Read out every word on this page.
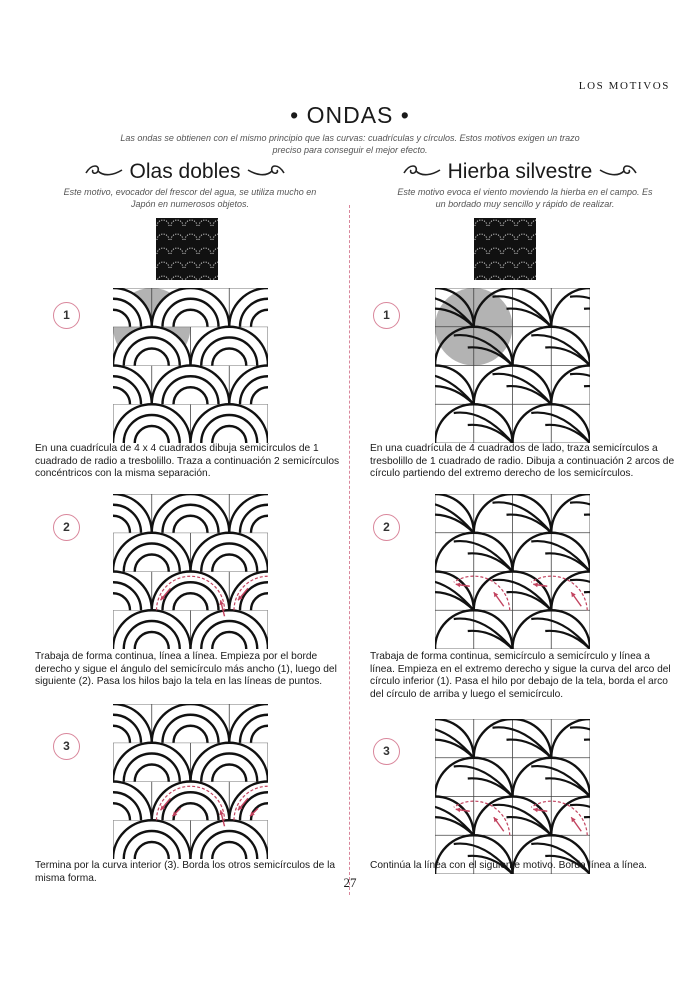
LOS MOTIVOS
• ONDAS •
Las ondas se obtienen con el mismo principio que las curvas: cuadrículas y círculos. Estos motivos exigen un trazo preciso para conseguir el mejor efecto.
Olas dobles
Este motivo, evocador del frescor del agua, se utiliza mucho en Japón en numerosos objetos.
1
En una cuadrícula de 4 x 4 cuadrados dibuja semicírculos de 1 cuadrado de radio a tresbolillo. Traza a continuación 2 semicírculos concéntricos con la misma separación.
2
Trabaja de forma continua, línea a línea. Empieza por el borde derecho y sigue el ángulo del semicírculo más ancho (1), luego del siguiente (2). Pasa los hilos bajo la tela en las líneas de puntos.
3
Termina por la curva interior (3). Borda los otros semicírculos de la misma forma.
Hierba silvestre
Este motivo evoca el viento moviendo la hierba en el campo. Es un bordado muy sencillo y rápido de realizar.
1
En una cuadrícula de 4 cuadrados de lado, traza semicírculos a tresbolillo de 1 cuadrado de radio. Dibuja a continuación 2 arcos de círculo partiendo del extremo derecho de los semicírculos.
2
Trabaja de forma continua, semicírculo a semicírculo y línea a línea. Empieza en el extremo derecho y sigue la curva del arco del círculo inferior (1). Pasa el hilo por debajo de la tela, borda el arco del círculo de arriba y luego el semicírculo.
3
Continúa la línea con el siguiente motivo. Borda línea a línea.
27
